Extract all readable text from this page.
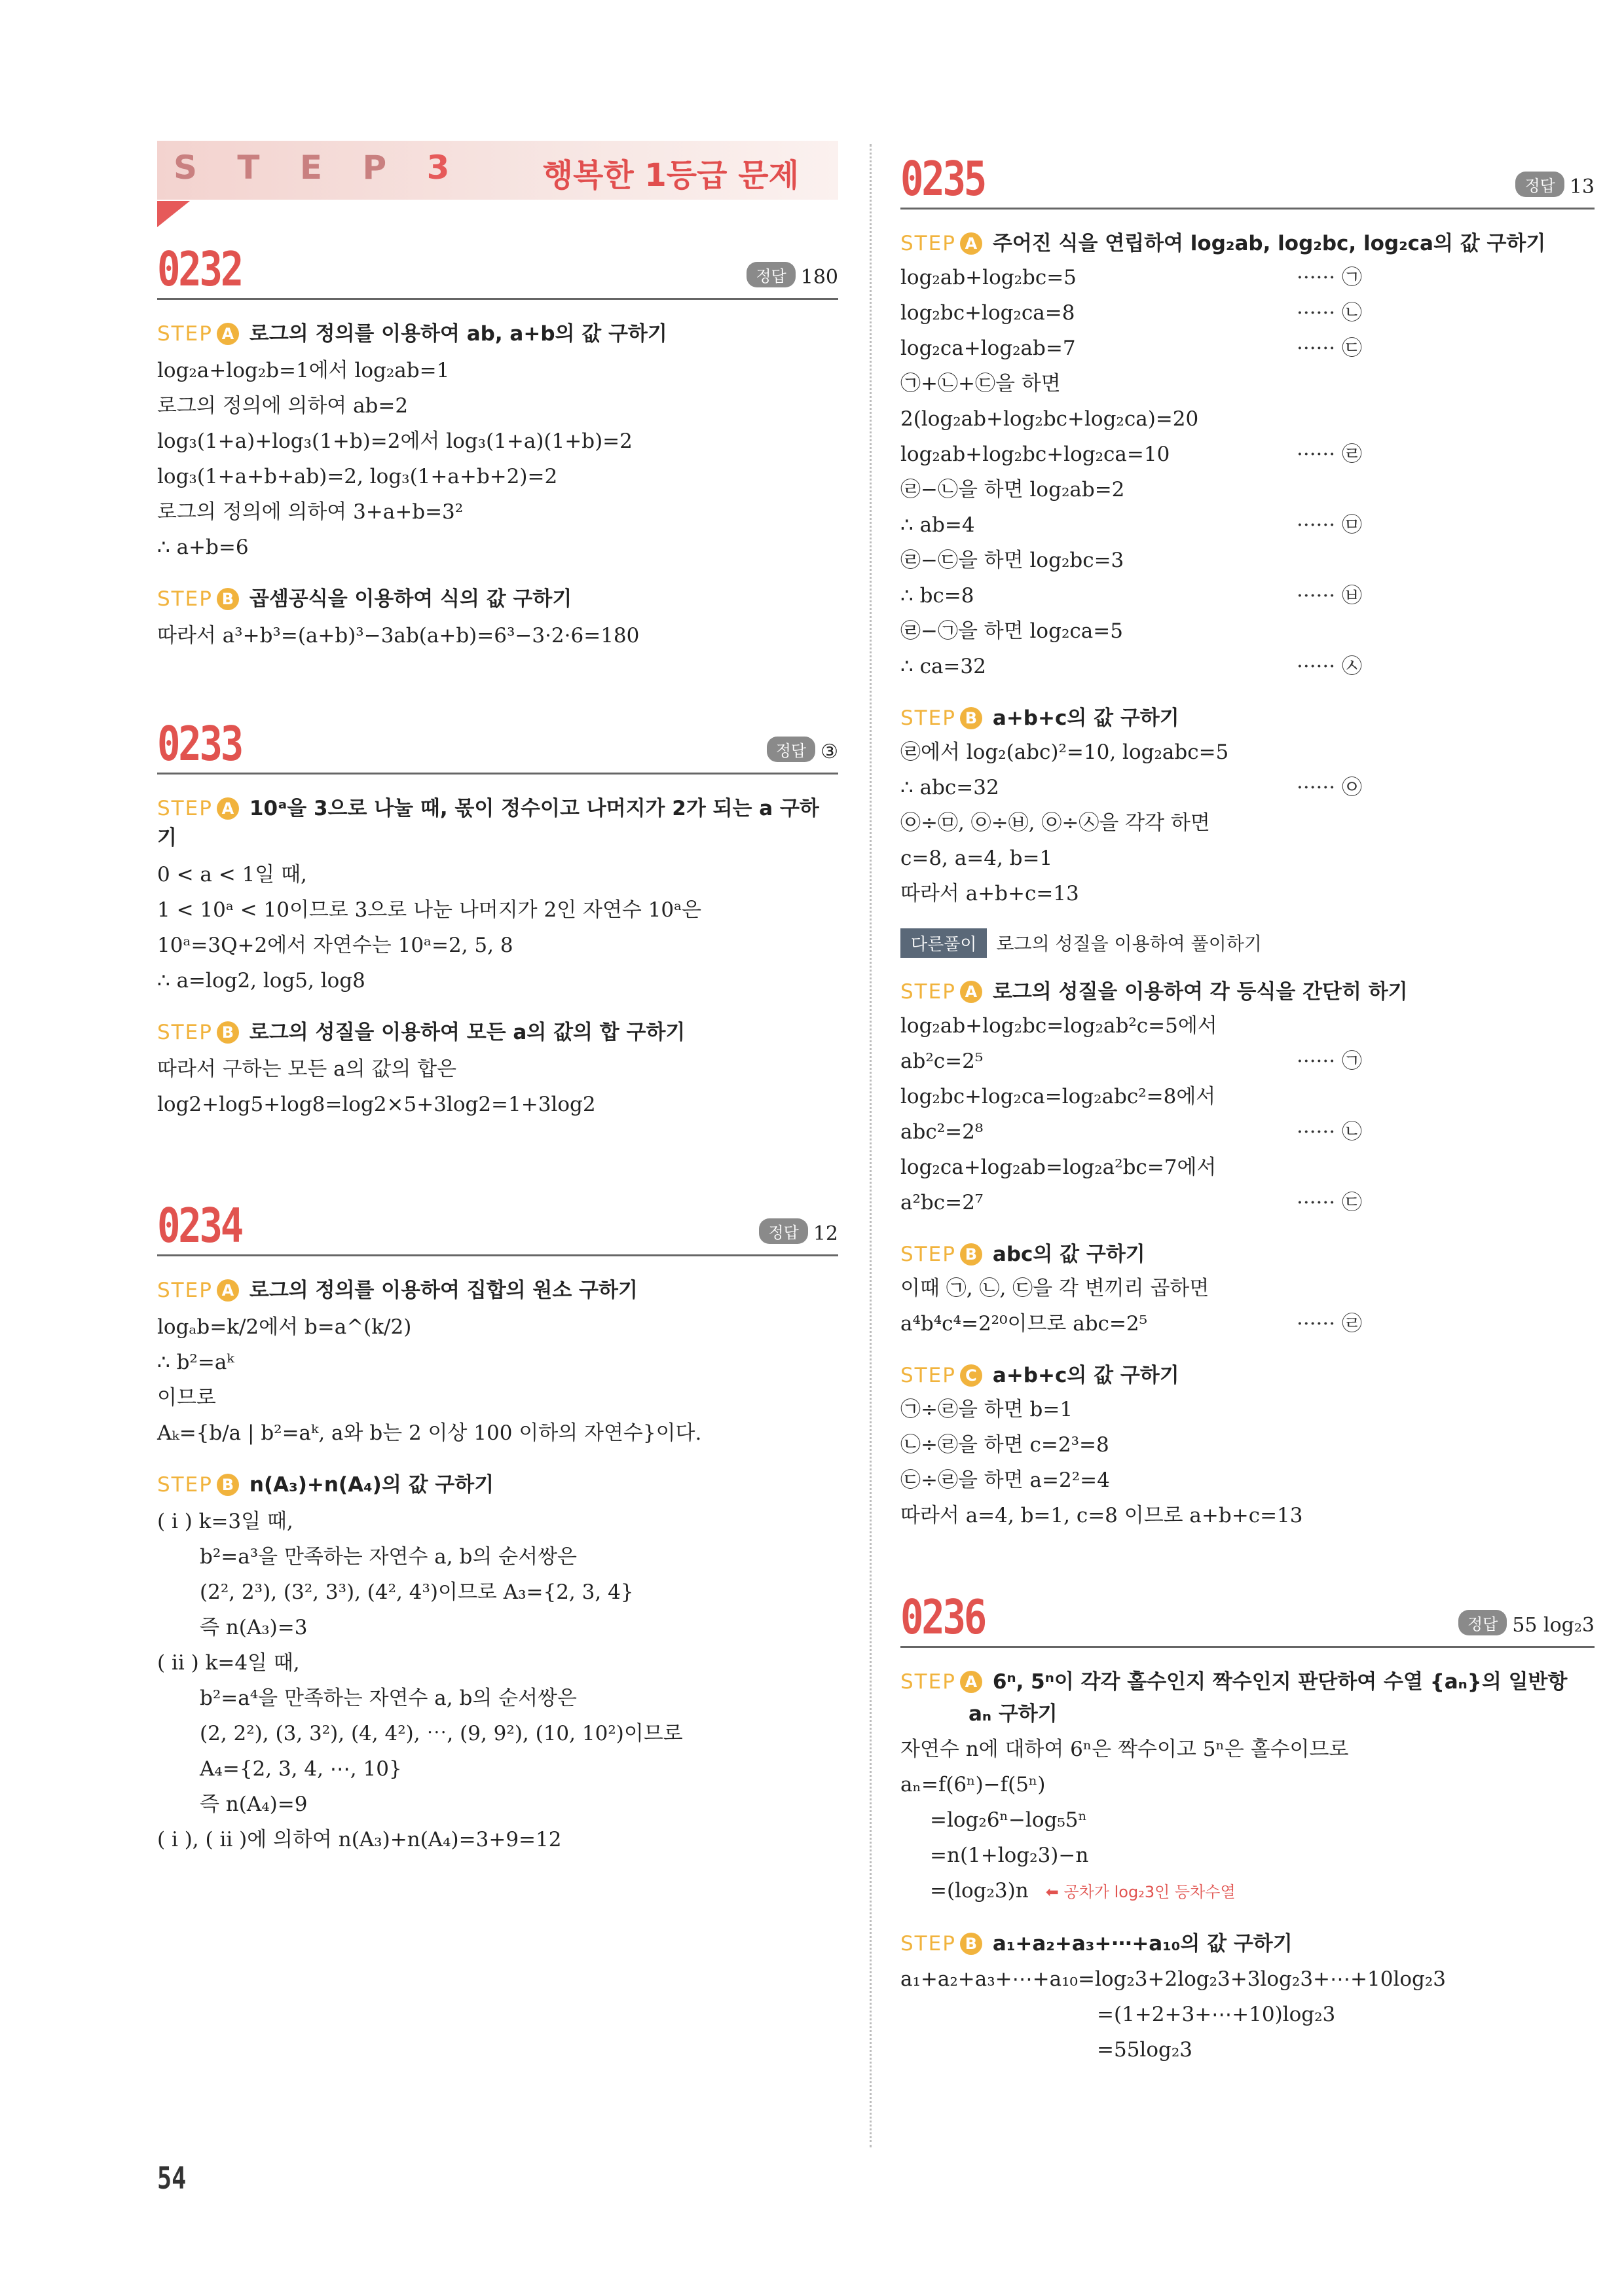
S T E P 3	행복한 1등급 문제
0232	정답 180
STEP A 로그의 정의를 이용하여 ab, a+b의 값 구하기
log₂a+log₂b=1에서 log₂ab=1
로그의 정의에 의하여 ab=2
log₃(1+a)+log₃(1+b)=2에서 log₃(1+a)(1+b)=2
log₃(1+a+b+ab)=2, log₃(1+a+b+2)=2
로그의 정의에 의하여 3+a+b=3²
∴ a+b=6
STEP B 곱셈공식을 이용하여 식의 값 구하기
따라서 a³+b³=(a+b)³−3ab(a+b)=6³−3·2·6=180
0233	정답 ③
STEP A 10ᵃ을 3으로 나눌 때, 몫이 정수이고 나머지가 2가 되는 a 구하기
0 < a < 1일 때,
1 < 10ᵃ < 10이므로 3으로 나눈 나머지가 2인 자연수 10ᵃ은
10ᵃ=3Q+2에서 자연수는 10ᵃ=2, 5, 8
∴ a=log2, log5, log8
STEP B 로그의 성질을 이용하여 모든 a의 값의 합 구하기
따라서 구하는 모든 a의 값의 합은
log2+log5+log8=log2×5+3log2=1+3log2
0234	정답 12
STEP A 로그의 정의를 이용하여 집합의 원소 구하기
logₐb=k/2에서 b=a^(k/2)
∴ b²=aᵏ
이므로
Aₖ={b/a | b²=aᵏ, a와 b는 2 이상 100 이하의 자연수}이다.
STEP B n(A₃)+n(A₄)의 값 구하기
( i ) k=3일 때,
b²=a³을 만족하는 자연수 a, b의 순서쌍은
(2², 2³), (3², 3³), (4², 4³)이므로 A₃={2, 3, 4}
즉 n(A₃)=3
( ii ) k=4일 때,
b²=a⁴을 만족하는 자연수 a, b의 순서쌍은
(2, 2²), (3, 3²), (4, 4²), ⋯, (9, 9²), (10, 10²)이므로
A₄={2, 3, 4, ⋯, 10}
즉 n(A₄)=9
( i ), ( ii )에 의하여 n(A₃)+n(A₄)=3+9=12
0235	정답 13
STEP A 주어진 식을 연립하여 log₂ab, log₂bc, log₂ca의 값 구하기
log₂ab+log₂bc=5	······ ㉠
log₂bc+log₂ca=8	······ ㉡
log₂ca+log₂ab=7	······ ㉢
㉠+㉡+㉢을 하면
2(log₂ab+log₂bc+log₂ca)=20
log₂ab+log₂bc+log₂ca=10	······ ㉣
㉣−㉡을 하면 log₂ab=2
∴ ab=4	······ ㉤
㉣−㉢을 하면 log₂bc=3
∴ bc=8	······ ㉥
㉣−㉠을 하면 log₂ca=5
∴ ca=32	······ ㉦
STEP B a+b+c의 값 구하기
㉣에서 log₂(abc)²=10, log₂abc=5
∴ abc=32	······ ㉧
㉧÷㉤, ㉧÷㉥, ㉧÷㉦을 각각 하면
c=8, a=4, b=1
따라서 a+b+c=13
다른풀이 로그의 성질을 이용하여 풀이하기
STEP A 로그의 성질을 이용하여 각 등식을 간단히 하기
log₂ab+log₂bc=log₂ab²c=5에서
ab²c=2⁵	······ ㉠
log₂bc+log₂ca=log₂abc²=8에서
abc²=2⁸	······ ㉡
log₂ca+log₂ab=log₂a²bc=7에서
a²bc=2⁷	······ ㉢
STEP B abc의 값 구하기
이때 ㉠, ㉡, ㉢을 각 변끼리 곱하면
a⁴b⁴c⁴=2²⁰이므로 abc=2⁵	······ ㉣
STEP C a+b+c의 값 구하기
㉠÷㉣을 하면 b=1
㉡÷㉣을 하면 c=2³=8
㉢÷㉣을 하면 a=2²=4
따라서 a=4, b=1, c=8 이므로 a+b+c=13
0236	정답 55 log₂3
STEP A 6ⁿ, 5ⁿ이 각각 홀수인지 짝수인지 판단하여 수열 {aₙ}의 일반항
aₙ 구하기
자연수 n에 대하여 6ⁿ은 짝수이고 5ⁿ은 홀수이므로
aₙ=f(6ⁿ)−f(5ⁿ)
=log₂6ⁿ−log₅5ⁿ
=n(1+log₂3)−n
=(log₂3)n ⬅ 공차가 log₂3인 등차수열
STEP B a₁+a₂+a₃+⋯+a₁₀의 값 구하기
a₁+a₂+a₃+⋯+a₁₀=log₂3+2log₂3+3log₂3+⋯+10log₂3
=(1+2+3+⋯+10)log₂3
=55log₂3
54
